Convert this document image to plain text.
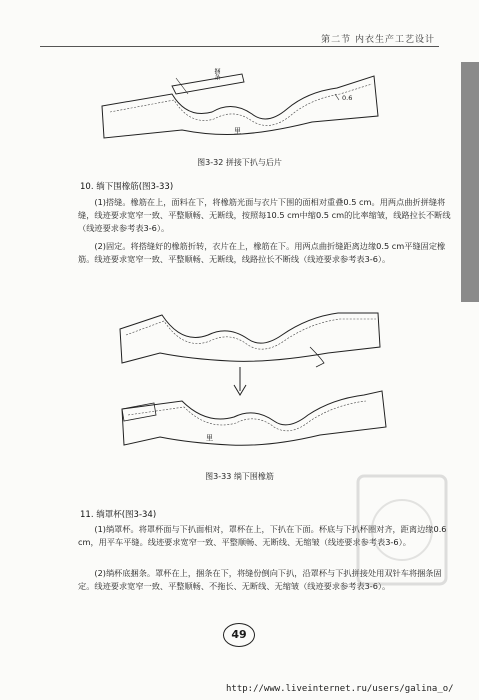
第二节 内衣生产工艺设计
捆条
里
0.6
图3-32 拼接下扒与后片
10. 绱下围橡筋(图3-33)
(1)搭缝。橡筋在上，面料在下，将橡筋光面与衣片下围的面相对重叠0.5 cm。用两点曲折拼缝将缝，线迹要求宽窄一致、平整顺畅、无断线，按照每10.5 cm中缩0.5 cm的比率缩皱，线路拉长不断线（线迹要求参考表3-6）。
(2)固定。将搭缝好的橡筋折转，衣片在上，橡筋在下。用两点曲折缝距离边缘0.5 cm平缝固定橡筋。线迹要求宽窄一致、平整顺畅、无断线，线路拉长不断线（线迹要求参考表3-6）。
里
图3-33 绱下围橡筋
11. 绱罩杯(图3-34)
(1)绱罩杯。将罩杯面与下扒面相对，罩杯在上，下扒在下面。杯底与下扒杯圈对齐，距离边缘0.6 cm，用平车平缝。线迹要求宽窄一致、平整顺畅、无断线、无缩皱（线迹要求参考表3-6）。
(2)绱杯底捆条。罩杯在上，捆条在下，将缝份倒向下扒，沿罩杯与下扒拼接处用双针车将捆条固定。线迹要求宽窄一致、平整顺畅、不拖长、无断线、无缩皱（线迹要求参考表3-6）。
49
http://www.liveinternet.ru/users/galina_o/
